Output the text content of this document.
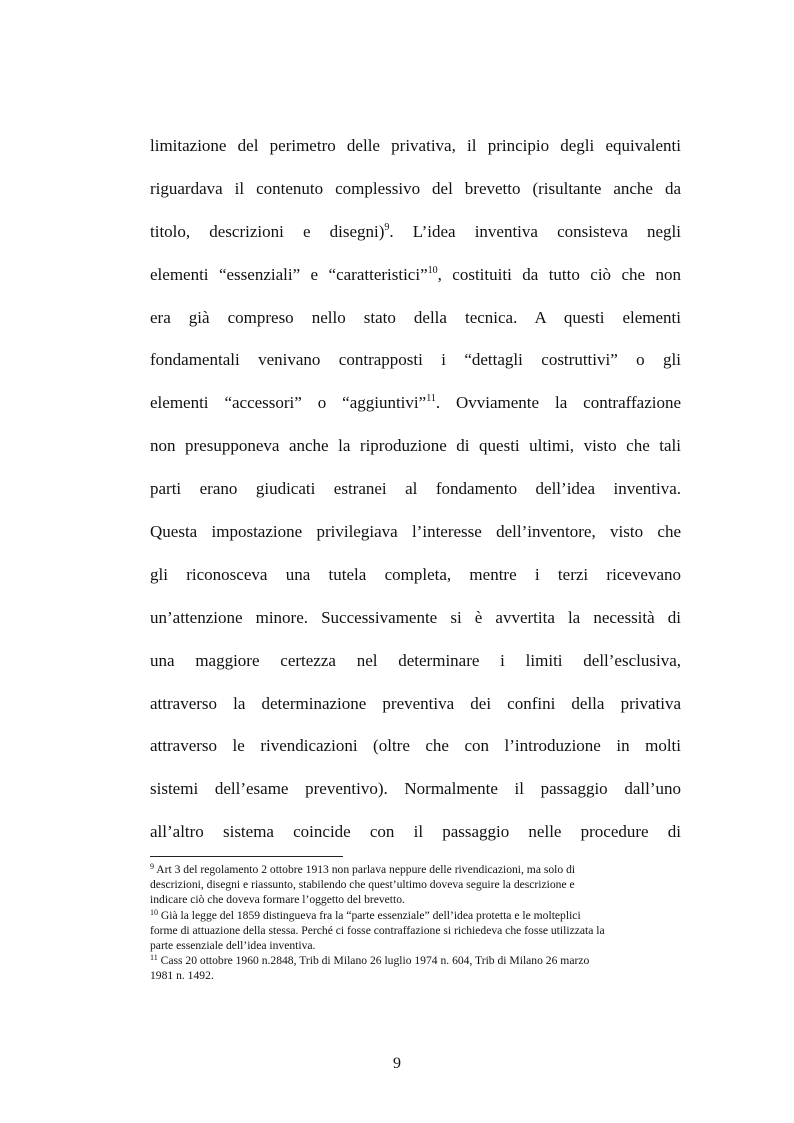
limitazione del perimetro delle privativa, il principio degli equivalenti
riguardava il contenuto complessivo del brevetto (risultante anche da
titolo, descrizioni e disegni)$^9$. L’idea inventiva consisteva negli
elementi “essenziali” e “caratteristici”$^{10}$, costituiti da tutto ciò che non
era già compreso nello stato della tecnica. A questi elementi
fondamentali venivano contrapposti i “dettagli costruttivi” o gli
elementi “accessori” o “aggiuntivi”$^{11}$. Ovviamente la contraffazione
non presupponeva anche la riproduzione di questi ultimi, visto che tali
parti erano giudicati estranei al fondamento dell’idea inventiva.
Questa impostazione privilegiava l’interesse dell’inventore, visto che
gli riconosceva una tutela completa, mentre i terzi ricevevano
un’attenzione minore. Successivamente si è avvertita la necessità di
una maggiore certezza nel determinare i limiti dell’esclusiva,
attraverso la determinazione preventiva dei confini della privativa
attraverso le rivendicazioni (oltre che con l’introduzione in molti
sistemi dell’esame preventivo). Normalmente il passaggio dall’uno
all’altro sistema coincide con il passaggio nelle procedure di
$^9$ Art 3 del regolamento 2 ottobre 1913 non parlava neppure delle rivendicazioni, ma solo di
descrizioni, disegni e riassunto, stabilendo che quest’ultimo doveva seguire la descrizione e
indicare ciò che doveva formare l’oggetto del brevetto.
$^{10}$ Già la legge del 1859 distingueva fra la “parte essenziale” dell’idea protetta e le molteplici
forme di attuazione della stessa. Perché ci fosse contraffazione si richiedeva che fosse utilizzata la
parte essenziale dell’idea inventiva.
$^{11}$ Cass 20 ottobre 1960 n.2848, Trib di Milano 26 luglio 1974 n. 604, Trib di Milano 26 marzo
1981 n. 1492.
9
